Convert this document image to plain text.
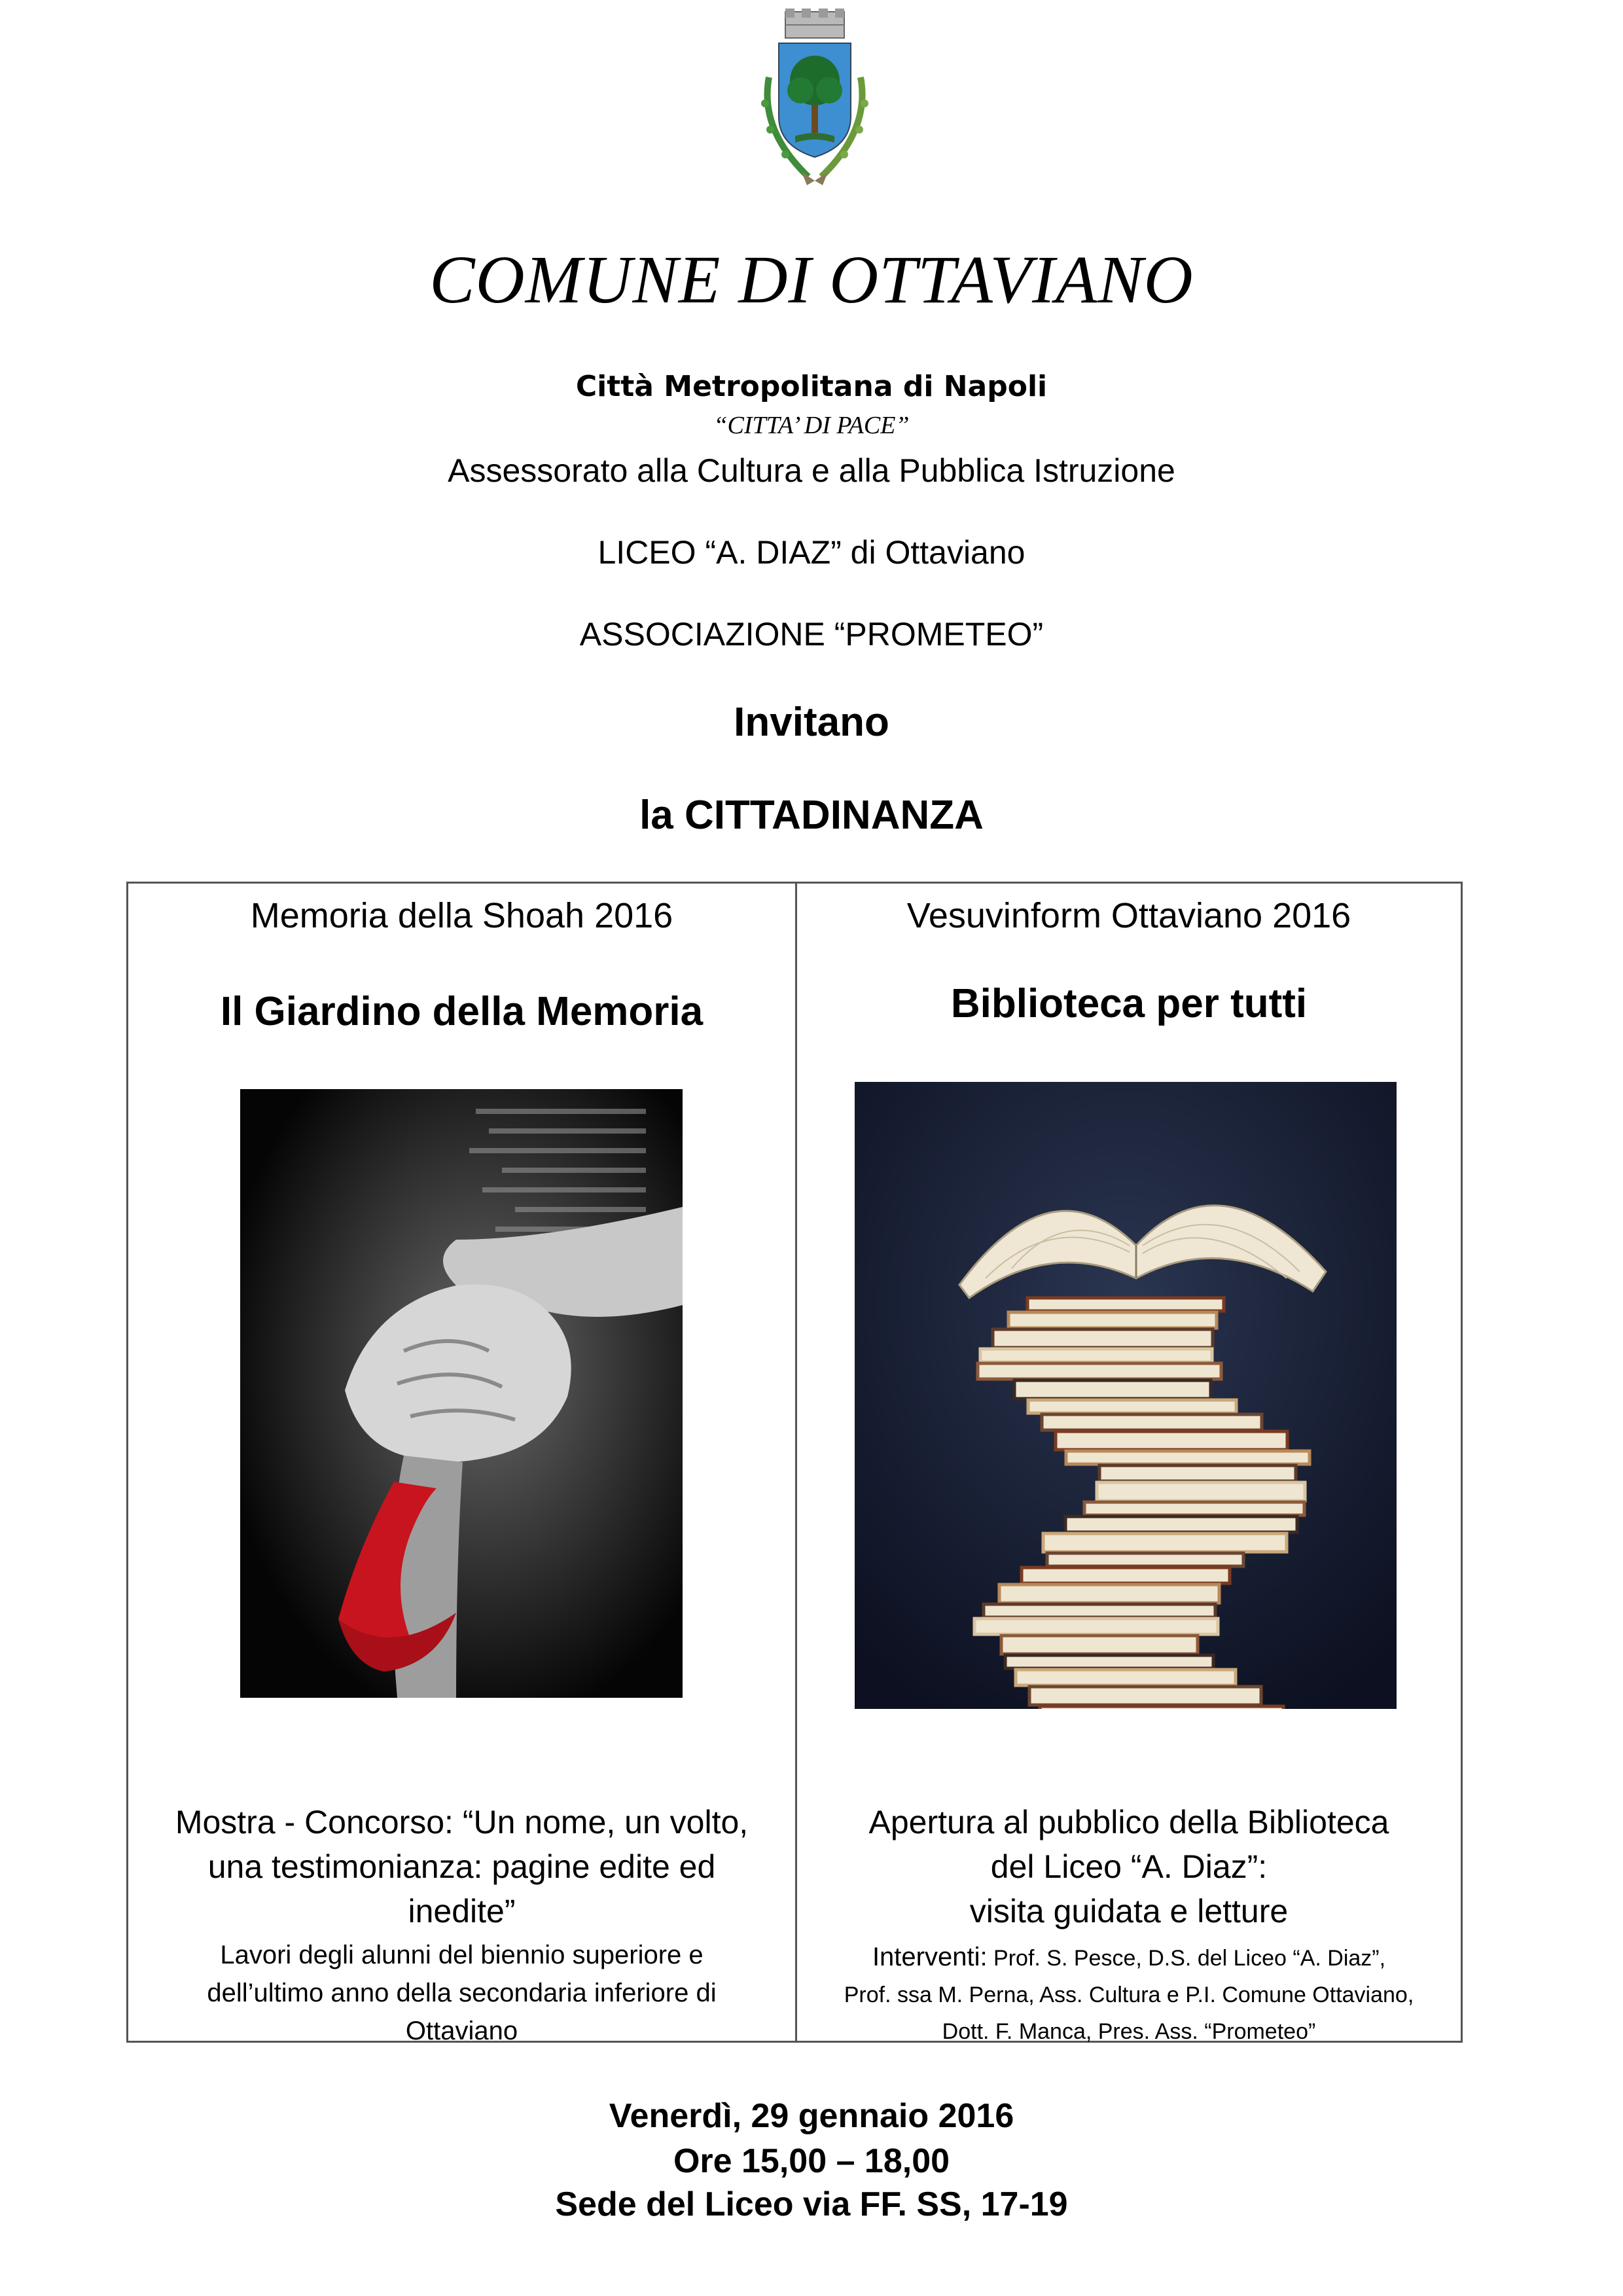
COMUNE DI OTTAVIANO
Città Metropolitana di Napoli
“CITTA’ DI PACE”
Assessorato alla Cultura e alla Pubblica Istruzione
LICEO “A. DIAZ” di Ottaviano
ASSOCIAZIONE “PROMETEO”
Invitano
la CITTADINANZA
Memoria della Shoah 2016
Il Giardino della Memoria
Mostra - Concorso: “Un nome, un volto,
una testimonianza: pagine edite ed
inedite”
Lavori degli alunni del biennio superiore e
dell’ultimo anno della secondaria inferiore di
Ottaviano
Vesuvinform Ottaviano 2016
Biblioteca per tutti
Apertura al pubblico della Biblioteca
del Liceo “A. Diaz”:
visita guidata e letture
Interventi: Prof. S. Pesce, D.S. del Liceo “A. Diaz”,
Prof. ssa M. Perna, Ass. Cultura e P.I. Comune Ottaviano,
Dott. F. Manca, Pres. Ass. “Prometeo”
Venerdì, 29 gennaio 2016
Ore 15,00 – 18,00
Sede del Liceo via FF. SS, 17-19
